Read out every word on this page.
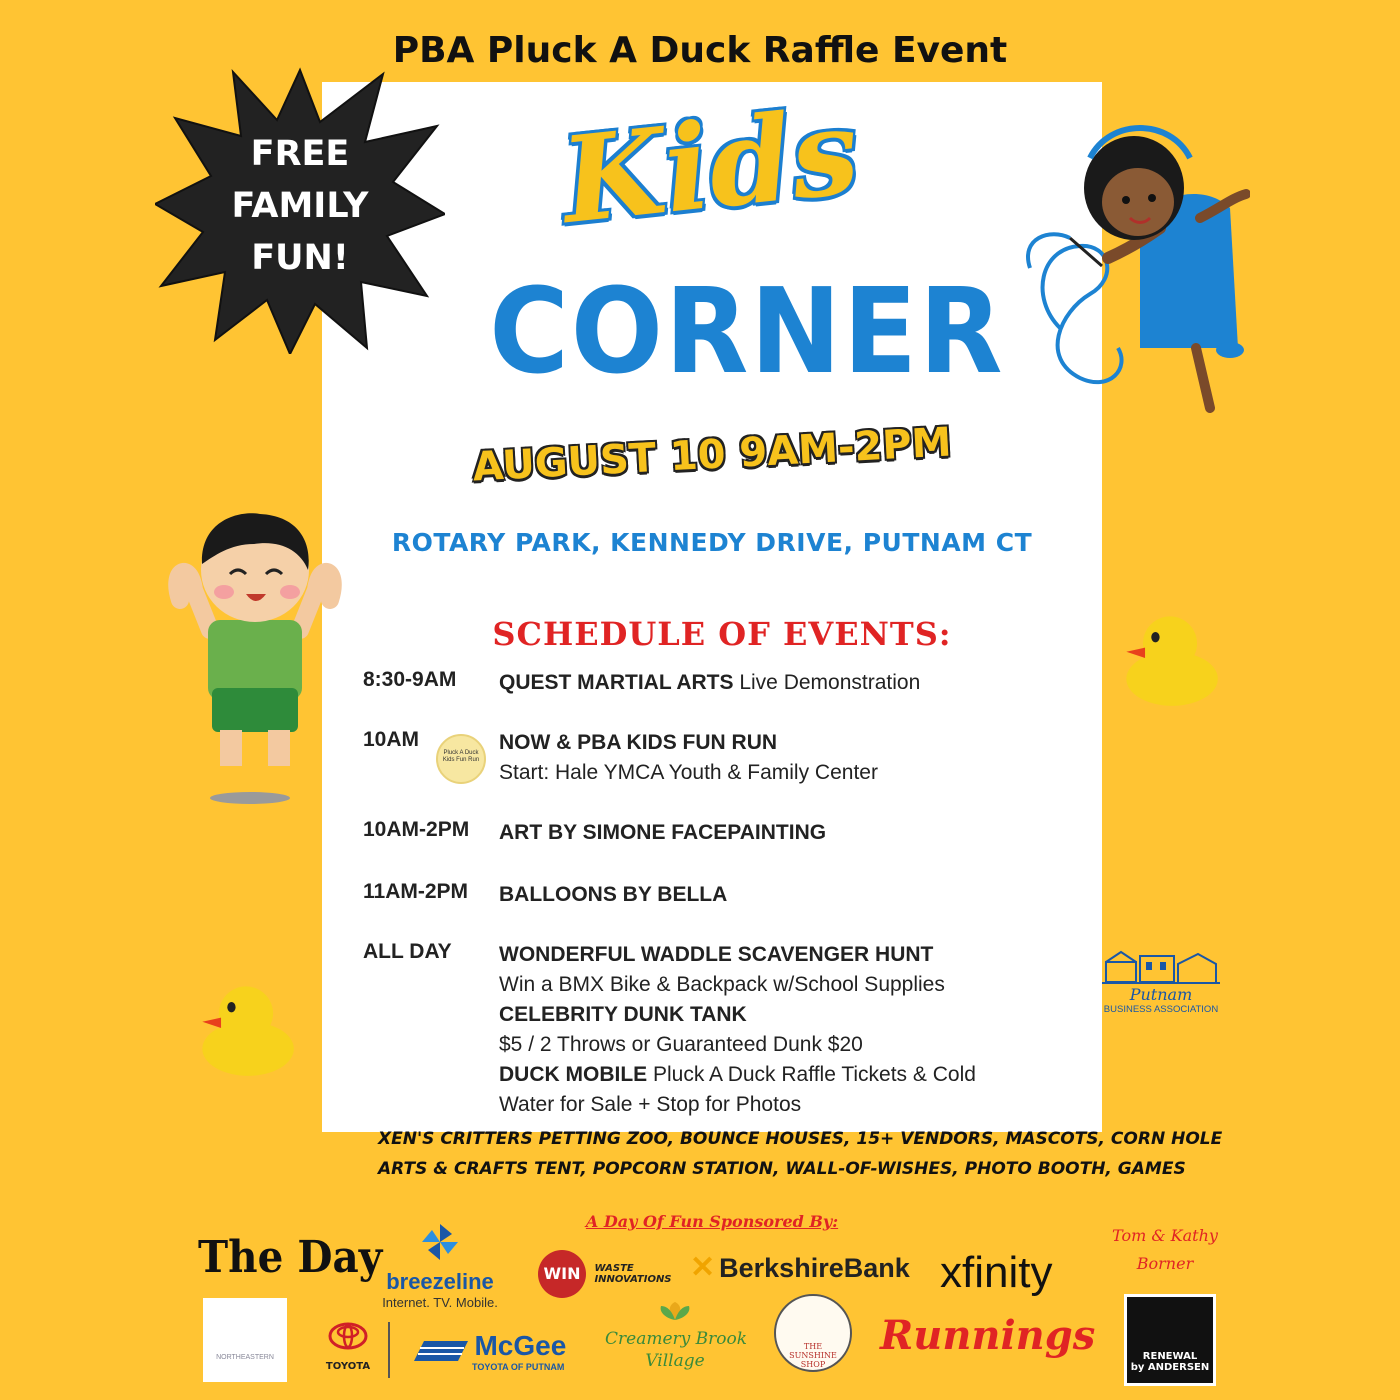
PBA Pluck A Duck Raffle Event
FREE
FAMILY
FUN!
Kids
CORNER
AUGUST 10 9AM-2PM
ROTARY PARK, KENNEDY DRIVE, PUTNAM CT
SCHEDULE OF EVENTS:
8:30-9AM	QUEST MARTIAL ARTS Live Demonstration
10AM	NOW & PBA KIDS FUN RUN
Start: Hale YMCA Youth & Family Center
Pluck A Duck Kids Fun Run
10AM-2PM	ART BY SIMONE FACEPAINTING
11AM-2PM	BALLOONS BY BELLA
ALL DAY	WONDERFUL WADDLE SCAVENGER HUNT
Win a BMX Bike & Backpack w/School Supplies
CELEBRITY DUNK TANK
$5 / 2 Throws or Guaranteed Dunk $20
DUCK MOBILE Pluck A Duck Raffle Tickets & Cold
Water for Sale + Stop for Photos
XEN'S CRITTERS PETTING ZOO, BOUNCE HOUSES, 15+ VENDORS, MASCOTS, CORN HOLE
ARTS & CRAFTS TENT, POPCORN STATION, WALL-OF-WISHES, PHOTO BOOTH, GAMES
A Day Of Fun Sponsored By:
The Day breezeline
Internet. TV. Mobile.
WIN WASTE
INNOVATIONS ✕ BerkshireBank xfinity
Tom & Kathy
Borner
NORTHEASTERN
TOYOTA
McGee
TOYOTA OF PUTNAM
Creamery Brook
Village
THE
SUNSHINE
SHOP
Runnings	RENEWAL
by ANDERSEN
Putnam
BUSINESS ASSOCIATION
